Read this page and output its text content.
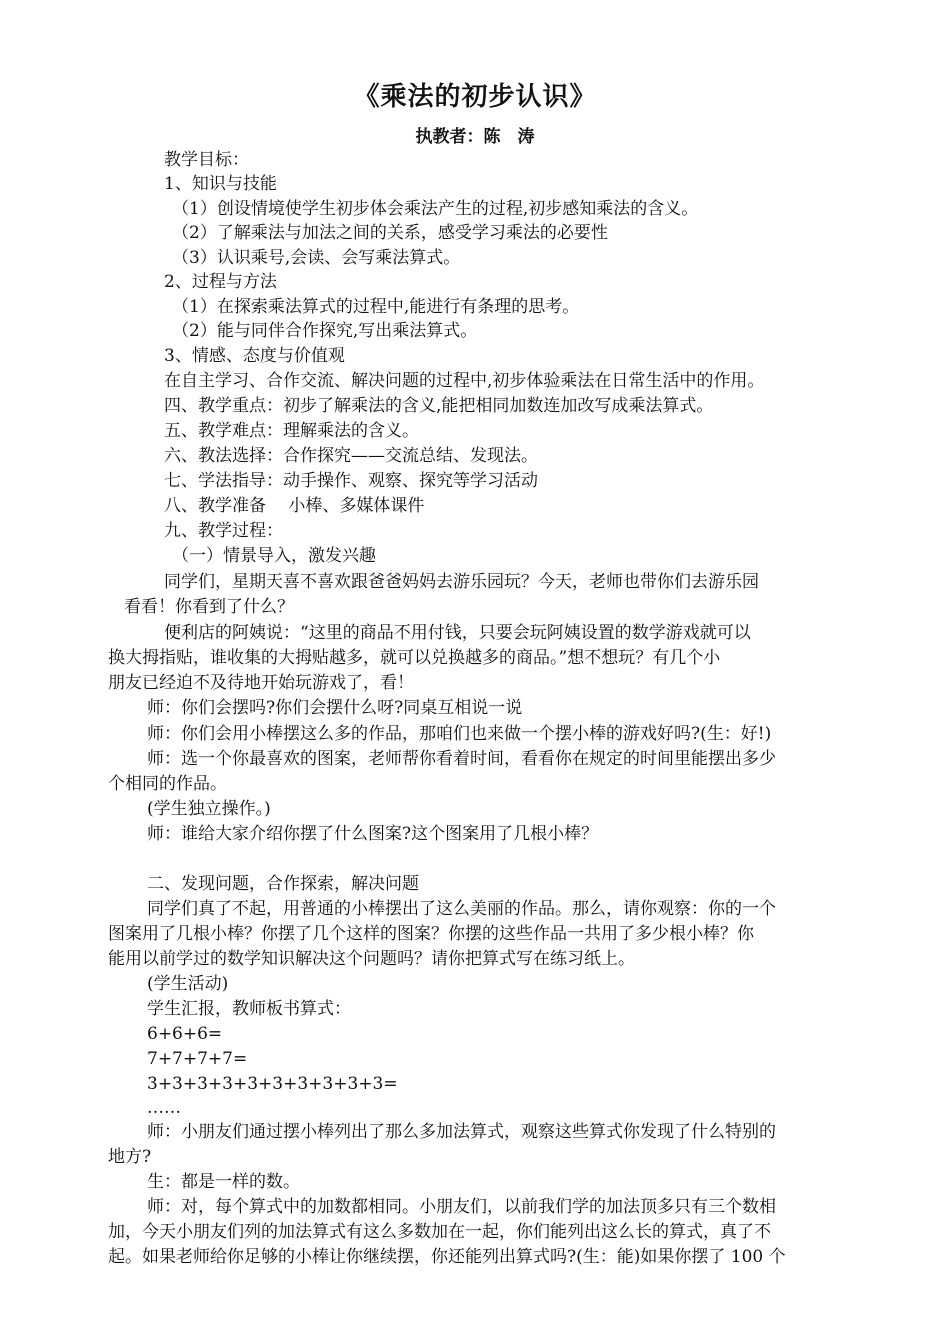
《乘法的初步认识》
执教者：陈　涛
教学目标：
1、知识与技能
（1）创设情境使学生初步体会乘法产生的过程,初步感知乘法的含义。
（2）了解乘法与加法之间的关系，感受学习乘法的必要性
（3）认识乘号,会读、会写乘法算式。
2、过程与方法
（1）在探索乘法算式的过程中,能进行有条理的思考。
（2）能与同伴合作探究,写出乘法算式。
3、情感、态度与价值观
在自主学习、合作交流、解决问题的过程中,初步体验乘法在日常生活中的作用。
四、教学重点：初步了解乘法的含义,能把相同加数连加改写成乘法算式。
五、教学难点：理解乘法的含义。
六、教法选择：合作探究——交流总结、发现法。
七、学法指导：动手操作、观察、探究等学习活动
八、教学准备　 小棒、多媒体课件
九、教学过程：
（一）情景导入，激发兴趣
同学们，星期天喜不喜欢跟爸爸妈妈去游乐园玩？今天，老师也带你们去游乐园
看看！你看到了什么？
便利店的阿姨说：“这里的商品不用付钱，只要会玩阿姨设置的数学游戏就可以
换大拇指贴，谁收集的大拇贴越多，就可以兑换越多的商品。”想不想玩？有几个小
朋友已经迫不及待地开始玩游戏了，看！
师：你们会摆吗?你们会摆什么呀?同桌互相说一说
师：你们会用小棒摆这么多的作品，那咱们也来做一个摆小棒的游戏好吗?(生：好!)
师：选一个你最喜欢的图案，老师帮你看着时间，看看你在规定的时间里能摆出多少
个相同的作品。
(学生独立操作。)
师：谁给大家介绍你摆了什么图案?这个图案用了几根小棒？
二、发现问题，合作探索，解决问题
同学们真了不起，用普通的小棒摆出了这么美丽的作品。那么，请你观察：你的一个
图案用了几根小棒？你摆了几个这样的图案？你摆的这些作品一共用了多少根小棒？你
能用以前学过的数学知识解决这个问题吗？请你把算式写在练习纸上。
(学生活动)
学生汇报，教师板书算式：
6+6+6=
7+7+7+7=
3+3+3+3+3+3+3+3+3+3=
……
师：小朋友们通过摆小棒列出了那么多加法算式，观察这些算式你发现了什么特别的
地方?
生：都是一样的数。
师：对，每个算式中的加数都相同。小朋友们，以前我们学的加法顶多只有三个数相
加，今天小朋友们列的加法算式有这么多数加在一起，你们能列出这么长的算式，真了不
起。如果老师给你足够的小棒让你继续摆，你还能列出算式吗?(生：能)如果你摆了 100 个
